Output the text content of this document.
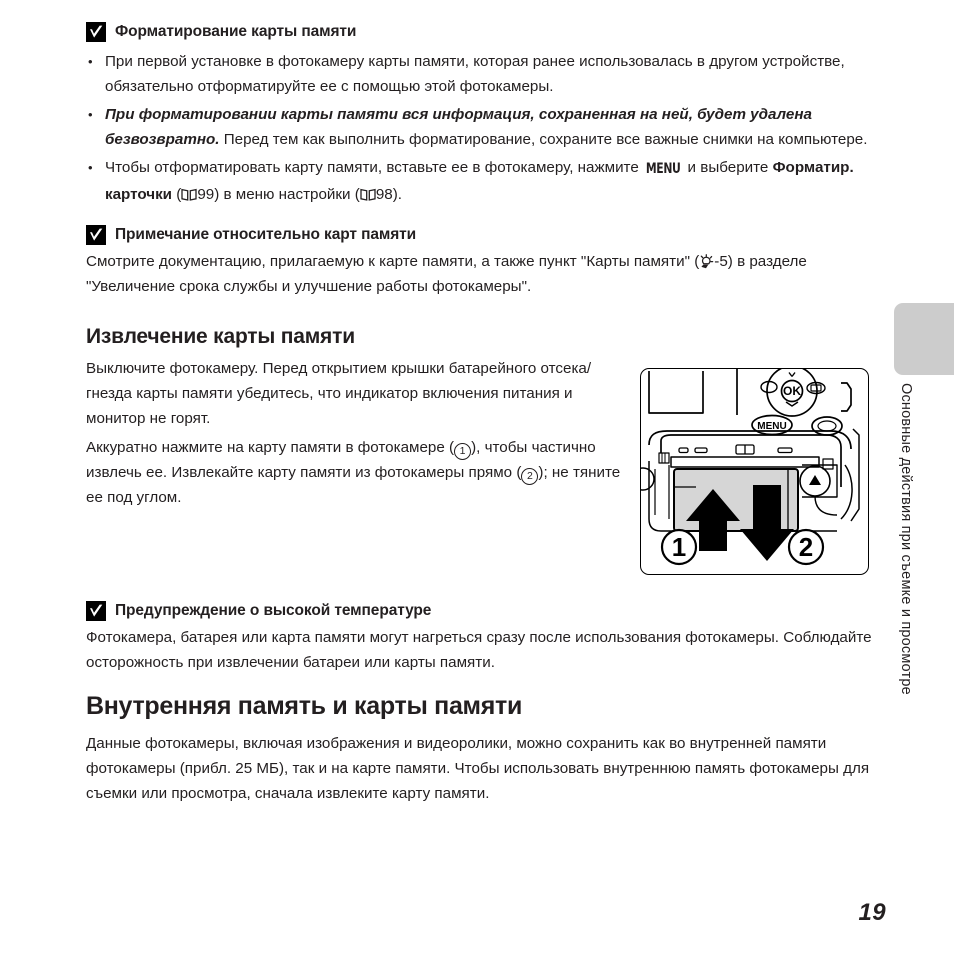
Основные действия при съемке и просмотре
Форматирование карты памяти
• При первой установке в фотокамеру карты памяти, которая ранее использовалась в другом устройстве, обязательно отформатируйте ее с помощью этой фотокамеры.
• При форматировании карты памяти вся информация, сохраненная на ней, будет удалена безвозвратно. Перед тем как выполнить форматирование, сохраните все важные снимки на компьютере.
• Чтобы отформатировать карту памяти, вставьте ее в фотокамеру, нажмите MENU и выберите Форматир. карточки ( 99) в меню настройки ( 98).
Примечание относительно карт памяти

Смотрите документацию, прилагаемую к карте памяти, а также пункт "Карты памяти" ( -5) в разделе "Увеличение срока службы и улучшение работы фотокамеры".

Извлечение карты памяти

Выключите фотокамеру. Перед открытием крышки батарейного отсека/гнезда карты памяти убедитесь, что индикатор включения питания и монитор не горят.

Аккуратно нажмите на карту памяти в фотокамере ( 1 ), чтобы частично извлечь ее. Извлекайте карту памяти из фотокамеры прямо ( 2 ); не тяните ее под углом.

1	2
OK
MENU
Предупреждение о высокой температуре

Фотокамера, батарея или карта памяти могут нагреться сразу после использования фотокамеры. Соблюдайте осторожность при извлечении батареи или карты памяти.

Внутренняя память и карты памяти

Данные фотокамеры, включая изображения и видеоролики, можно сохранить как во внутренней памяти фотокамеры (прибл. 25 МБ), так и на карте памяти. Чтобы использовать внутреннюю память фотокамеры для съемки или просмотра, сначала извлеките карту памяти.

19
